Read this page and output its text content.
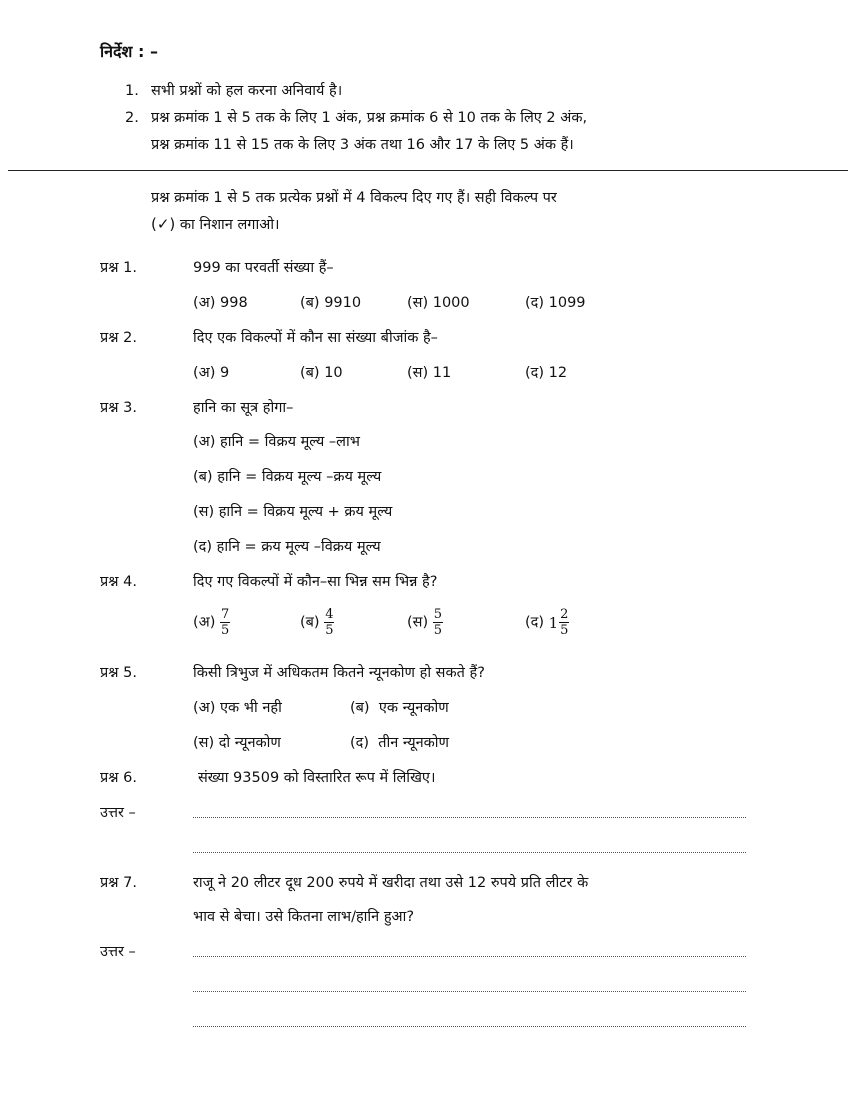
निर्देश : –
1. सभी प्रश्नों को हल करना अनिवार्य है।
2. प्रश्न क्रमांक 1 से 5 तक के लिए 1 अंक, प्रश्न क्रमांक 6 से 10 तक के लिए 2 अंक,
प्रश्न क्रमांक 11 से 15 तक के लिए 3 अंक तथा 16 और 17 के लिए 5 अंक हैं।
प्रश्न क्रमांक 1 से 5 तक प्रत्येक प्रश्नों में 4 विकल्प दिए गए हैं। सही विकल्प पर
(✓) का निशान लगाओ।
प्रश्न 1.	999 का परवर्ती संख्या हैं–
(अ) 998	(ब) 9910	(स) 1000	(द) 1099
प्रश्न 2.	दिए एक विकल्पों में कौन सा संख्या बीजांक है–
(अ) 9	(ब) 10	(स) 11	(द) 12
प्रश्न 3.	हानि का सूत्र होगा–
(अ) हानि = विक्रय मूल्य –लाभ
(ब) हानि = विक्रय मूल्य –क्रय मूल्य
(स) हानि = विक्रय मूल्य + क्रय मूल्य
(द) हानि = क्रय मूल्य –विक्रय मूल्य
प्रश्न 4.	दिए गए विकल्पों में कौन–सा भिन्न सम भिन्न है?
(अ) $\frac{7}{5}$	(ब) $\frac{4}{5}$	(स) $\frac{5}{5}$	(द) $1 \frac{2}{5}$
प्रश्न 5.	किसी त्रिभुज में अधिकतम कितने न्यूनकोण हो सकते हैं?
(अ) एक भी नही	(ब) एक न्यूनकोण
(स) दो न्यूनकोण	(द) तीन न्यूनकोण
प्रश्न 6.	संख्या 93509 को विस्तारित रूप में लिखिए।
उत्तर –
प्रश्न 7.	राजू ने 20 लीटर दूध 200 रुपये में खरीदा तथा उसे 12 रुपये प्रति लीटर के
भाव से बेचा। उसे कितना लाभ/हानि हुआ?
उत्तर –
